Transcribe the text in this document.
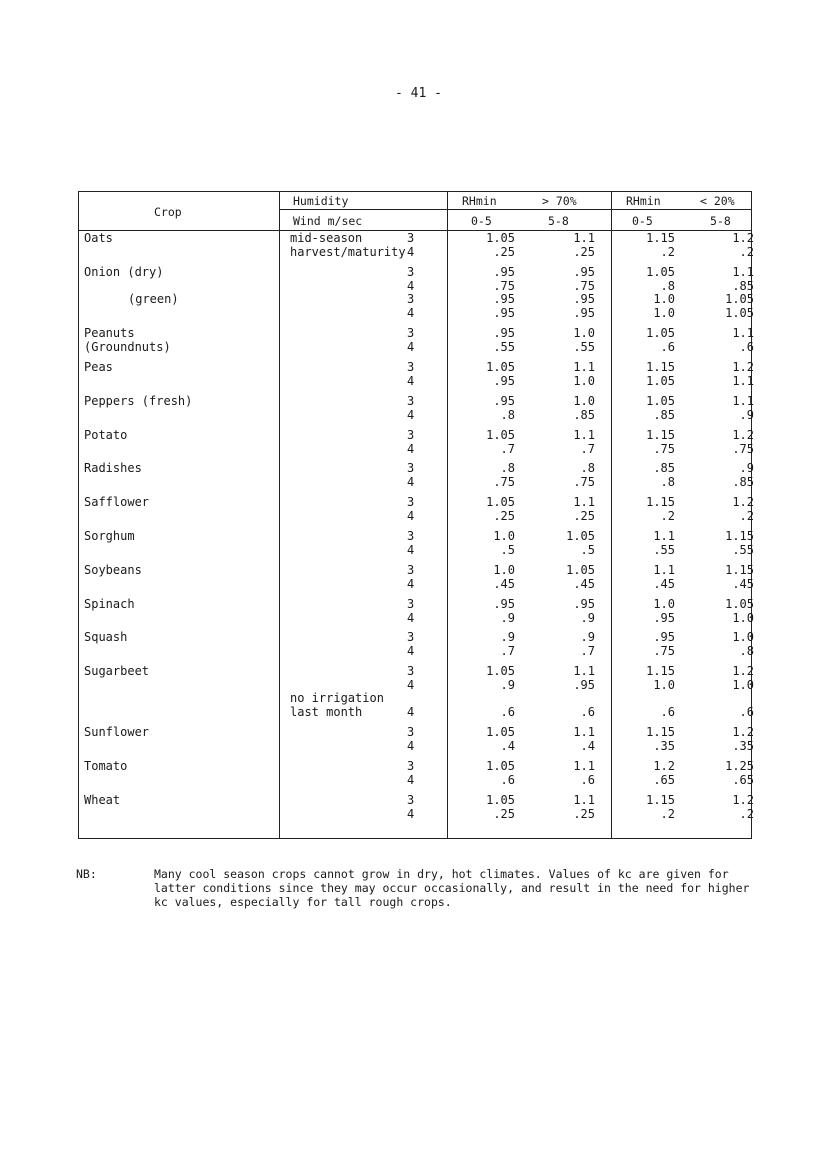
- 41 -
Crop
Humidity
Wind m/sec
RHmin	> 70%	RHmin	< 20%
0-5	5-8	0-5	5-8
Oats	mid-season	3	1.05	1.1	1.15	1.2
harvest/maturity 4	.25	.25	.2	.2
Onion (dry)	3	.95	.95	1.05	1.1
4	.75	.75	.8	.85
(green)	3	.95	.95	1.0	1.05
4	.95	.95	1.0	1.05
Peanuts	3	.95	1.0	1.05	1.1
(Groundnuts)	4	.55	.55	.6	.6
Peas	3	1.05	1.1	1.15	1.2
4	.95	1.0	1.05	1.1
Peppers (fresh)	3	.95	1.0	1.05	1.1
4	.8	.85	.85	.9
Potato	3	1.05	1.1	1.15	1.2
4	.7	.7	.75	.75
Radishes	3	.8	.8	.85	.9
4	.75	.75	.8	.85
Safflower	3	1.05	1.1	1.15	1.2
4	.25	.25	.2	.2
Sorghum	3	1.0	1.05	1.1	1.15
4	.5	.5	.55	.55
Soybeans	3	1.0	1.05	1.1	1.15
4	.45	.45	.45	.45
Spinach	3	.95	.95	1.0	1.05
4	.9	.9	.95	1.0
Squash	3	.9	.9	.95	1.0
4	.7	.7	.75	.8
Sugarbeet	3	1.05	1.1	1.15	1.2
4	.9	.95	1.0	1.0
no irrigation
last month	4	.6	.6	.6	.6
Sunflower	3	1.05	1.1	1.15	1.2
4	.4	.4	.35	.35
Tomato	3	1.05	1.1	1.2	1.25
4	.6	.6	.65	.65
Wheat	3	1.05	1.1	1.15	1.2
4	.25	.25	.2	.2
NB:	Many cool season crops cannot grow in dry, hot climates. Values of kc are given for
latter conditions since they may occur occasionally, and result in the need for higher
kc values, especially for tall rough crops.
